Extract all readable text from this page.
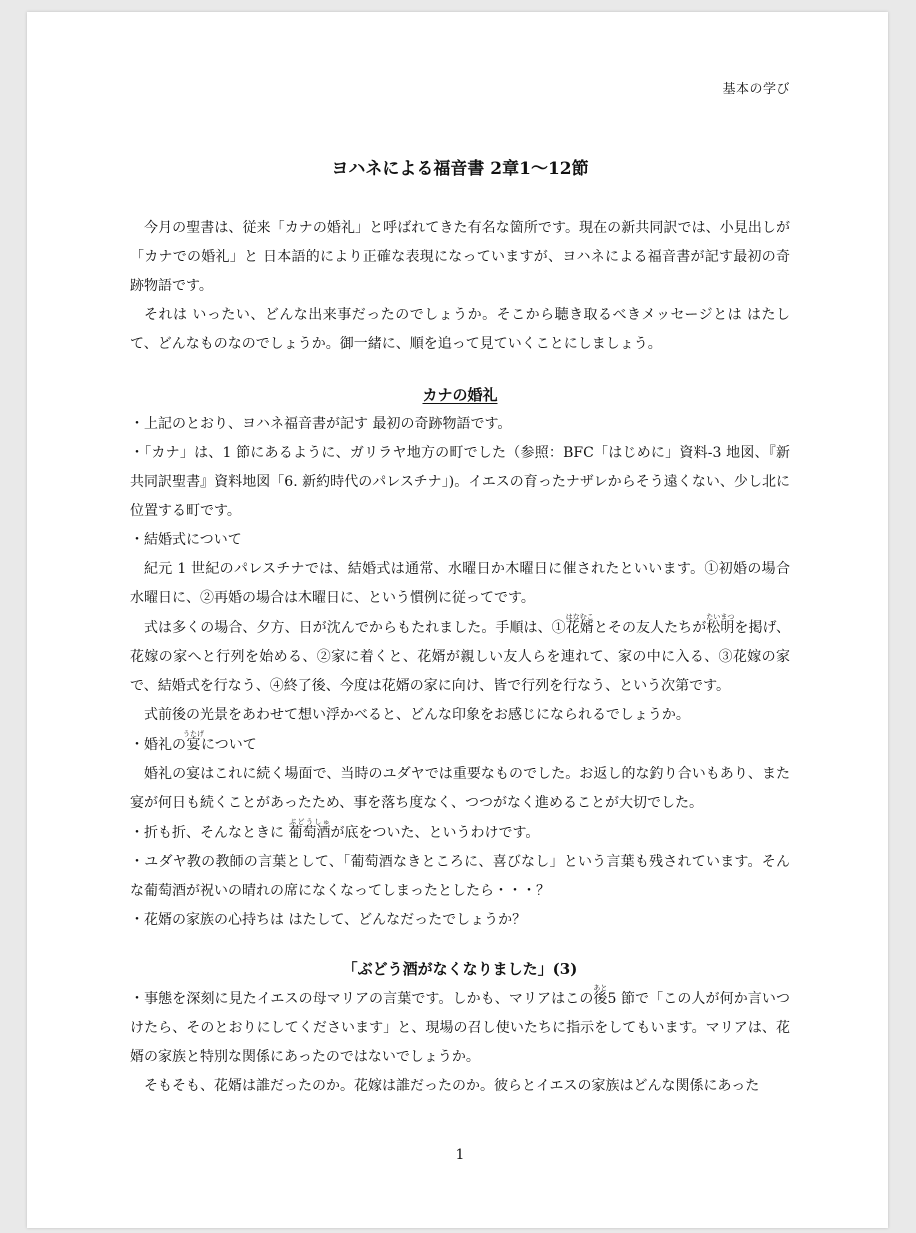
基本の学び
ヨハネによる福音書 2章1〜12節

今月の聖書は、従来「カナの婚礼」と呼ばれてきた有名な箇所です。現在の新共同訳では、小見出しが「カナでの婚礼」と 日本語的により正確な表現になっていますが、ヨハネによる福音書が記す最初の奇跡物語です。

それは いったい、どんな出来事だったのでしょうか。そこから聴き取るべきメッセージとは はたして、どんなものなのでしょうか。御一緒に、順を追って見ていくことにしましょう。

カナの婚礼

・上記のとおり、ヨハネ福音書が記す 最初の奇跡物語です。

・「カナ」は、1 節にあるように、ガリラヤ地方の町でした（参照：BFC「はじめに」資料-3 地図、『新共同訳聖書』資料地図「6. 新約時代のパレスチナ」)。イエスの育ったナザレからそう遠くない、少し北に位置する町です。

・結婚式について

紀元 1 世紀のパレスチナでは、結婚式は通常、水曜日か木曜日に催されたといいます。①初婚の場合 水曜日に、②再婚の場合は木曜日に、という慣例に従ってです。

式は多くの場合、夕方、日が沈んでからもたれました。手順は、①花婿はなむことその友人たちが松明たいまつを掲げ、花嫁の家へと行列を始める、②家に着くと、花婿が親しい友人らを連れて、家の中に入る、③花嫁の家で、結婚式を行なう、④終了後、今度は花婿の家に向け、皆で行列を行なう、という次第です。

式前後の光景をあわせて想い浮かべると、どんな印象をお感じになられるでしょうか。

・婚礼の宴うたげについて

婚礼の宴はこれに続く場面で、当時のユダヤでは重要なものでした。お返し的な釣り合いもあり、また宴が何日も続くことがあったため、事を落ち度なく、つつがなく進めることが大切でした。

・折も折、そんなときに 葡萄酒ぶどうしゅが底をついた、というわけです。

・ユダヤ教の教師の言葉として、「葡萄酒なきところに、喜びなし」という言葉も残されています。そんな葡萄酒が祝いの晴れの席になくなってしまったとしたら・・・？

・花婿の家族の心持ちは はたして、どんなだったでしょうか？

「ぶどう酒がなくなりました」(3)

・事態を深刻に見たイエスの母マリアの言葉です。しかも、マリアはこの後あと5 節で「この人が何か言いつけたら、そのとおりにしてくださいます」と、現場の召し使いたちに指示をしてもいます。マリアは、花婿の家族と特別な関係にあったのではないでしょうか。

そもそも、花婿は誰だったのか。花嫁は誰だったのか。彼らとイエスの家族はどんな関係にあった

1
